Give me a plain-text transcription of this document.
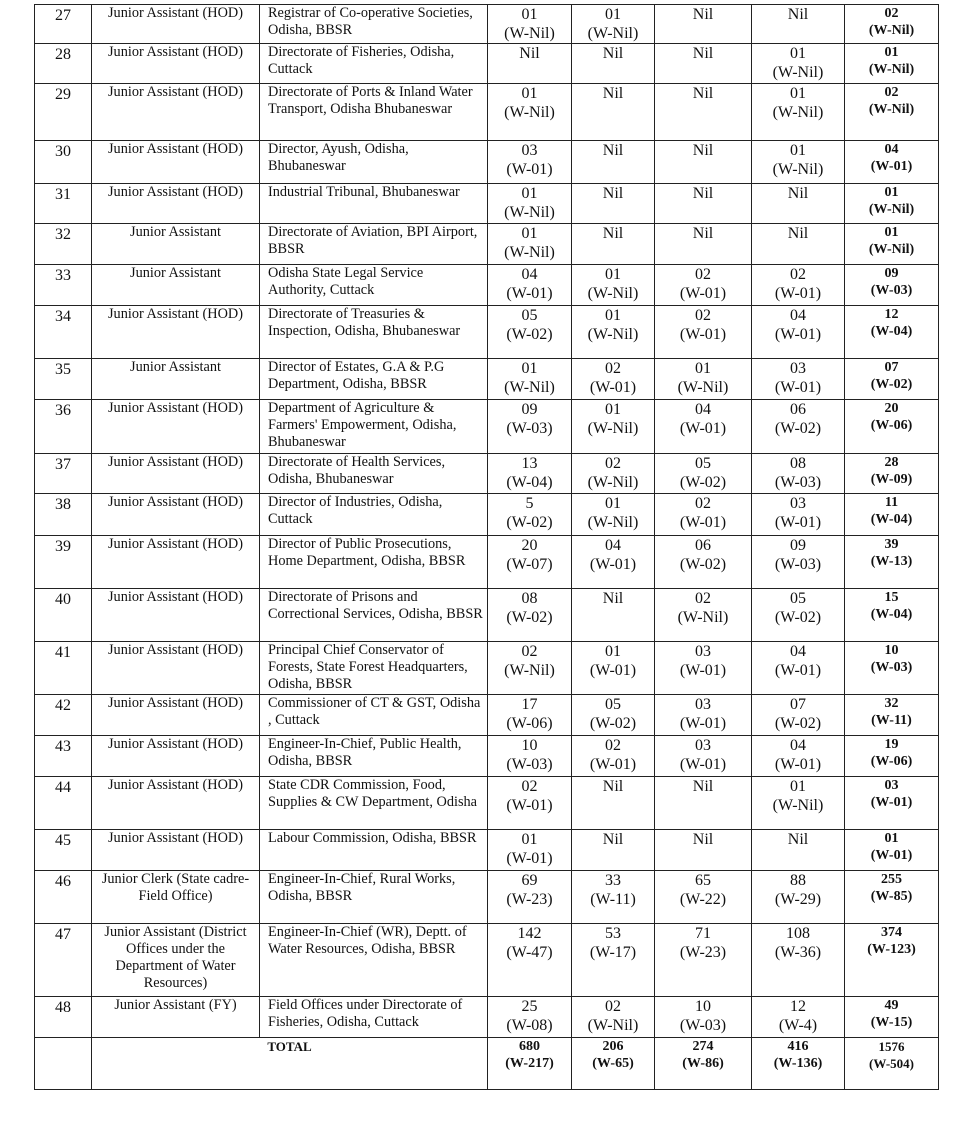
27	Junior Assistant (HOD)	Registrar of Co-operative Societies, Odisha, BBSR	01
(W-Nil)	01
(W-Nil)	Nil	Nil	02
(W-Nil)

28	Junior Assistant (HOD)	Directorate of Fisheries, Odisha, Cuttack	Nil	Nil	Nil	01
(W-Nil)	01
(W-Nil)

29	Junior Assistant (HOD)	Directorate of Ports & Inland Water Transport, Odisha Bhubaneswar	01
(W-Nil)	Nil	Nil	01
(W-Nil)	02
(W-Nil)

30	Junior Assistant (HOD)	Director, Ayush, Odisha, Bhubaneswar	03
(W-01)	Nil	Nil	01
(W-Nil)	04
(W-01)

31	Junior Assistant (HOD)	Industrial Tribunal, Bhubaneswar	01
(W-Nil)	Nil	Nil	Nil	01
(W-Nil)

32	Junior Assistant	Directorate of Aviation, BPI Airport, BBSR	01
(W-Nil)	Nil	Nil	Nil	01
(W-Nil)

33	Junior Assistant	Odisha State Legal Service Authority, Cuttack	04
(W-01)	01
(W-Nil)	02
(W-01)	02
(W-01)	09
(W-03)

34	Junior Assistant (HOD)	Directorate of Treasuries & Inspection, Odisha, Bhubaneswar	05
(W-02)	01
(W-Nil)	02
(W-01)	04
(W-01)	12
(W-04)

35	Junior Assistant	Director of Estates, G.A & P.G Department, Odisha, BBSR	01
(W-Nil)	02
(W-01)	01
(W-Nil)	03
(W-01)	07
(W-02)

36	Junior Assistant (HOD)	Department of Agriculture & Farmers' Empowerment, Odisha, Bhubaneswar	09
(W-03)	01
(W-Nil)	04
(W-01)	06
(W-02)	20
(W-06)

37	Junior Assistant (HOD)	Directorate of Health Services, Odisha, Bhubaneswar	13
(W-04)	02
(W-Nil)	05
(W-02)	08
(W-03)	28
(W-09)

38	Junior Assistant (HOD)	Director of Industries, Odisha, Cuttack	5
(W-02)	01
(W-Nil)	02
(W-01)	03
(W-01)	11
(W-04)

39	Junior Assistant (HOD)	Director of Public Prosecutions, Home Department, Odisha, BBSR	20
(W-07)	04
(W-01)	06
(W-02)	09
(W-03)	39
(W-13)

40	Junior Assistant (HOD)	Directorate of Prisons and Correctional Services, Odisha, BBSR	08
(W-02)	Nil	02
(W-Nil)	05
(W-02)	15
(W-04)

41	Junior Assistant (HOD)	Principal Chief Conservator of Forests, State Forest Headquarters, Odisha, BBSR	02
(W-Nil)	01
(W-01)	03
(W-01)	04
(W-01)	10
(W-03)

42	Junior Assistant (HOD)	Commissioner of CT & GST, Odisha , Cuttack	17
(W-06)	05
(W-02)	03
(W-01)	07
(W-02)	32
(W-11)

43	Junior Assistant (HOD)	Engineer-In-Chief, Public Health, Odisha, BBSR	10
(W-03)	02
(W-01)	03
(W-01)	04
(W-01)	19
(W-06)

44	Junior Assistant (HOD)	State CDR Commission, Food, Supplies & CW Department, Odisha	02
(W-01)	Nil	Nil	01
(W-Nil)	03
(W-01)

45	Junior Assistant (HOD)	Labour Commission, Odisha, BBSR	01
(W-01)	Nil	Nil	Nil	01
(W-01)

46	Junior Clerk (State cadre-Field Office)	Engineer-In-Chief, Rural Works, Odisha, BBSR	69
(W-23)	33
(W-11)	65
(W-22)	88
(W-29)	255
(W-85)

47	Junior Assistant (District Offices under the Department of Water Resources)	Engineer-In-Chief (WR), Deptt. of Water Resources, Odisha, BBSR	142
(W-47)	53
(W-17)	71
(W-23)	108
(W-36)	374
(W-123)

48	Junior Assistant (FY)	Field Offices under Directorate of Fisheries, Odisha, Cuttack	25
(W-08)	02
(W-Nil)	10
(W-03)	12
(W-4)	49
(W-15)

	TOTAL		680
(W-217)	206
(W-65)	274
(W-86)	416
(W-136)	1576
(W-504)
